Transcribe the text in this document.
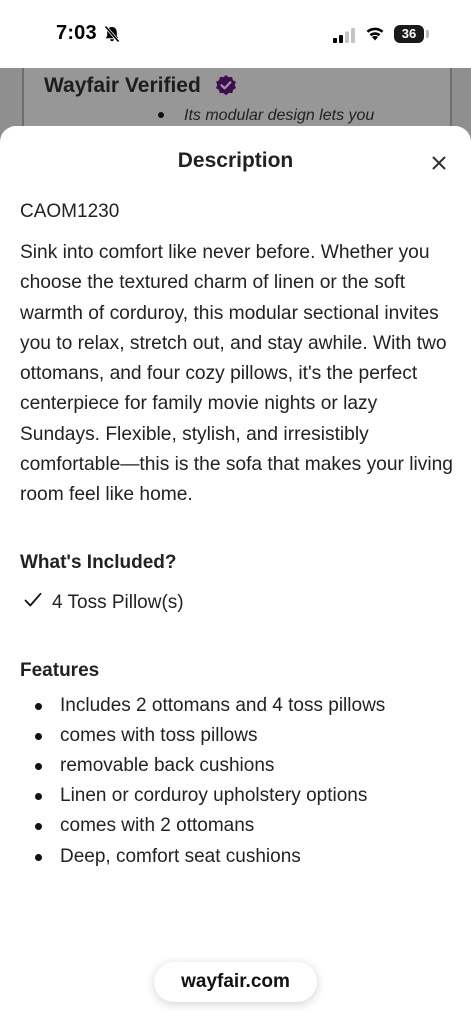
7:03	36
Wayfair Verified
Its modular design lets you
Description

CAOM1230

Sink into comfort like never before. Whether you choose the textured charm of linen or the soft warmth of corduroy, this modular sectional invites you to relax, stretch out, and stay awhile. With two ottomans, and four cozy pillows, it's the perfect centerpiece for family movie nights or lazy Sundays. Flexible, stylish, and irresistibly comfortable—this is the sofa that makes your living room feel like home.

What's Included?

4 Toss Pillow(s)

Features

Includes 2 ottomans and 4 toss pillows
comes with toss pillows
removable back cushions
Linen or corduroy upholstery options
comes with 2 ottomans
Deep, comfort seat cushions
wayfair.com
